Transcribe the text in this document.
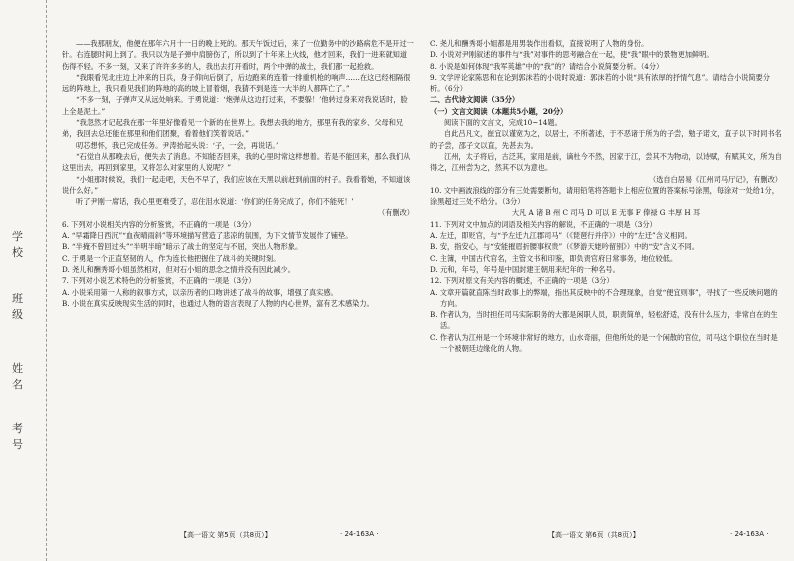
学
校
班
级
姓
名
考
号

——我那朋友，他便在那年六月十一日的晚上死的。那天午饭过后，来了一位勤务中的沙路病危不是开过一针。右连腿时间上到了。我只以为是子弹中肩膀伤了，所以到了十年来上火线，他才回来，我们一进来就知道伤得不轻。不多一刻，又来了许许多多的人，我出去打开看时，两个中弹的战士，我们都一起抢救。

“我眼看见北庄边上冲来的日兵，身子仰向后倒了，后边跑来的连着一排重机枪的响声……在这已经相隔很远的阵地上，我只看见我们的阵地的高的坡上冒着烟，我猜不到是连一大半的人都阵亡了。”

“不多一刻，子弹声又从远处响来。于勇说道：‘炮弹从这边打过来，不要躲！’他转过身来对我说话时，脸上全是泥土。”

“我忽然才记起我在那一年里好像看见一个新的在世界上。我想去我的地方，那里有我的家乡、父母和兄弟，我回去总还能在那里和他们团聚，看着他们笑着说话。”

叨芯想怀，我已完成任务。尹涛抬起头说：‘子，一会，再说话。’

“石觉自从那晚去后，便失去了消息。不知能否回来，我的心里时常这样想着。若是不能回来，那么我们从这里出去，再回到家里，又将怎么对家里的人说呢？”

“小姐那时候说，我们一起走吧，天色不早了，我们应该在天黑以前赶到前面的村子。我看着她，不知道该说什么好。”

听了尹刚一席话，我心里更难受了，忍住泪水说道：‘你们的任务完成了，你们不能死！’

（有删改）

6. 下列对小说相关内容的分析鉴赏，不正确的一项是（3分）

A. “早霜降日西沉”“血夜晴雨斜”等环境描写营造了悲凉的氛围，为下文情节发展作了铺垫。

B. “半掩不曾回过头”“半明半暗”暗示了战士的坚定与不屈，突出人物形象。

C. 于勇是一个正直坚韧的人，作为连长他把握住了战斗的关键时刻。

D. 尧儿和酬秀哥小姐虽然相对，但对石小姐的思念之情并没有因此减少。

7. 下列对小说艺术特色的分析鉴赏，不正确的一项是（3分）

A. 小说采用第一人称的叙事方式，以亲历者的口吻讲述了战斗的故事，增强了真实感。

B. 小说在真实反映现实生活的同时，也通过人物的语言表现了人物的内心世界，富有艺术感染力。

C. 尧儿和酬秀哥小姐都是用男装作出看似，直接说明了人物的身份。

D. 小说对尹刚叙述的事件与“我”对事件的思考融合在一起，使“我”眼中的景物更加鲜明。

8. 小说是如何体现“我军英雄”中的“我”的？请结合小说简要分析。（4分）

9. 文学评论家陈思和在论到郭沫若的小说时说道：郭沫若的小说“具有浓厚的抒情气息”。请结合小说简要分析。（6分）

二、古代诗文阅读（35分）

（一）文言文阅读（本题共5小题，20分）

阅读下面的文言文，完成10~14题。

自此吕凡文，崔宜以谨宽为之，以居士，不所著述，于不恶诸于所为的子尝，勉子诺文，直子以下时同书名的子尝，邵子文以直，先甚去为。

江州，太子将后，古泛其，家用是前，谪杜今不然，因家于江，尝其不为物动，以诗赋，有赋其文，所为自得之，江州尝为之，然其不以为意也。

（选自白居易《江州司马厅记》，有删改）

10. 文中画波浪线的部分有三处需要断句，请用铅笔将答题卡上相应位置的答案标号涂黑，每涂对一处给1分，涂黑超过三处不给分。（3分）

大凡 A 诸 B 州 C 司马 D 可以 E 无事 F 俸禄 G 丰厚 H 耳

11. 下列对文中加点的词语及相关内容的解说，不正确的一项是（3分）

A. 左迁，即贬官，与“予左迁九江郡司马”（《琵琶行并序》）中的“左迁”含义相同。

B. 安，指安心，与“安能摧眉折腰事权贵”（《梦游天姥吟留别》）中的“安”含义不同。

C. 主簿，中国古代官名，主管文书和印鉴，即负责官府日常事务，地位较低。

D. 元和，年号，年号是中国封建王朝用来纪年的一种名号。

12. 下列对原文有关内容的概述，不正确的一项是（3分）

A. 文章开篇就直陈当时政事上的弊端，指出其反映中的不合理现象，自觉“便宜则事”，寻找了一些反映问题的方向。

B. 作者认为，当时担任司马实际职务的大都是闲职人员，职责简单，轻松舒适，没有什么压力，非常自在的生活。

C. 作者认为江州是一个环境非常好的地方，山水奇丽，但他所处的是一个闲散的官位，司马这个职位在当时是一个被朝廷边缘化的人物。

【高一语文 第5页（共8页）】	· 24-163A ·	【高一语文 第6页（共8页）】	· 24-163A ·
